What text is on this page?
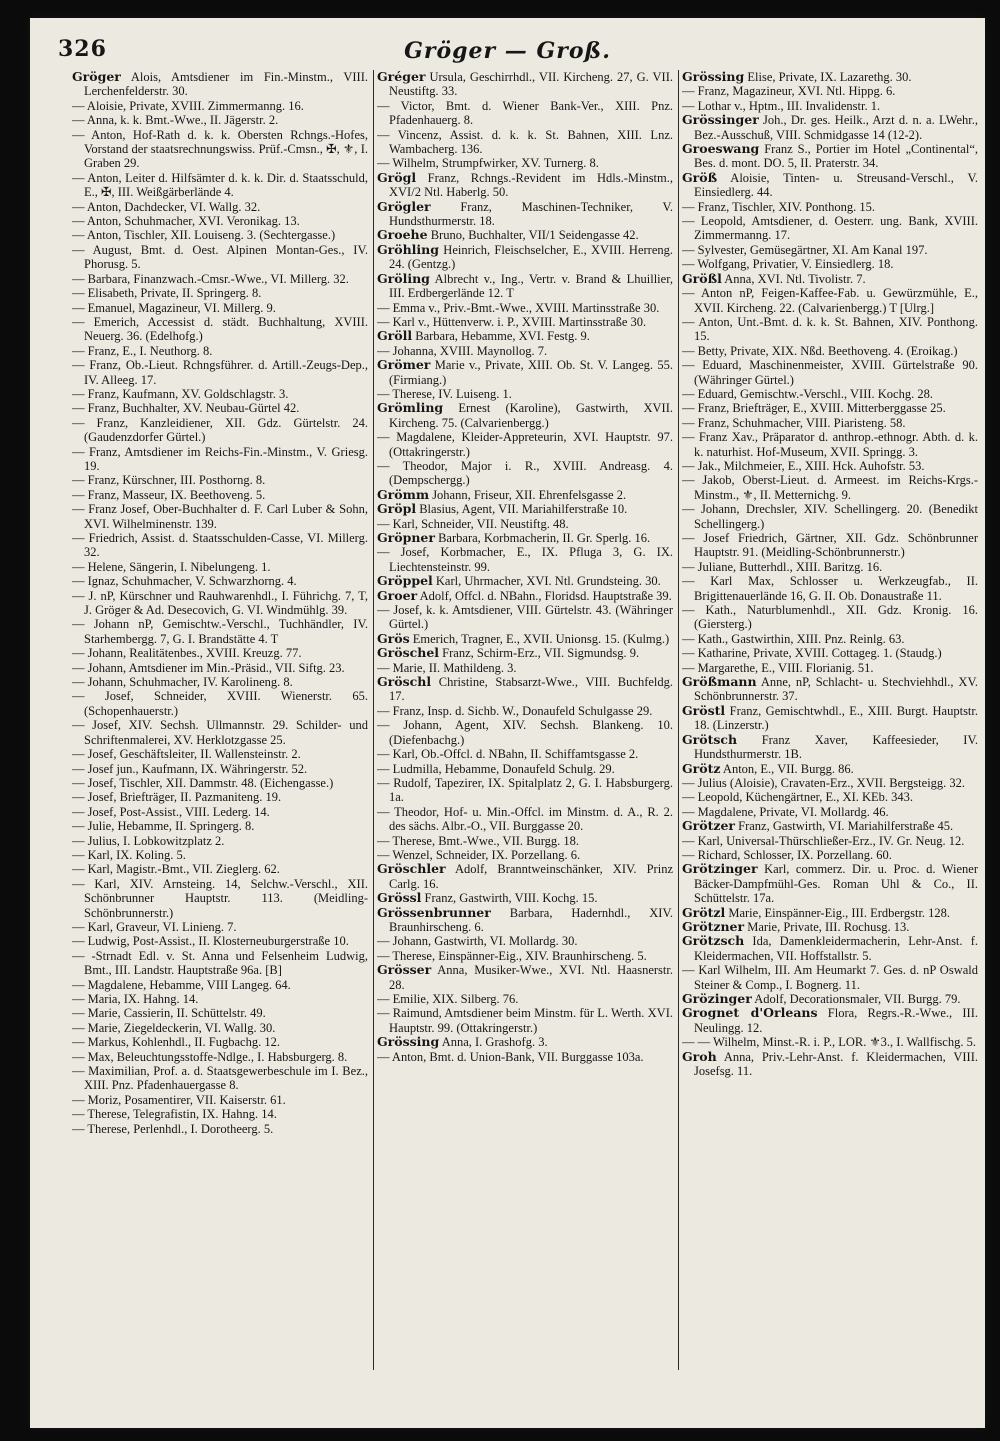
326	Gröger — Groß.

Gröger Alois, Amtsdiener im Fin.-Minstm., VIII. Lerchenfelderstr. 30.

— Aloisie, Private, XVIII. Zimmermanng. 16.

— Anna, k. k. Bmt.-Wwe., II. Jägerstr. 2.

— Anton, Hof-Rath d. k. k. Obersten Rchngs.-Hofes, Vorstand der staatsrechnungswiss. Prüf.-Cmsn., ✠, ⚜, I. Graben 29.

— Anton, Leiter d. Hilfsämter d. k. k. Dir. d. Staatsschuld, E., ✠, III. Weißgärberlände 4.

— Anton, Dachdecker, VI. Wallg. 32.

— Anton, Schuhmacher, XVI. Veronikag. 13.

— Anton, Tischler, XII. Louiseng. 3. (Sechtergasse.)

— August, Bmt. d. Oest. Alpinen Montan-Ges., IV. Phorusg. 5.

— Barbara, Finanzwach.-Cmsr.-Wwe., VI. Millerg. 32.

— Elisabeth, Private, II. Springerg. 8.

— Emanuel, Magazineur, VI. Millerg. 9.

— Emerich, Accessist d. städt. Buchhaltung, XVIII. Neuerg. 36. (Edelhofg.)

— Franz, E., I. Neuthorg. 8.

— Franz, Ob.-Lieut. Rchngsführer. d. Artill.-Zeugs-Dep., IV. Alleeg. 17.

— Franz, Kaufmann, XV. Goldschlagstr. 3.

— Franz, Buchhalter, XV. Neubau-Gürtel 42.

— Franz, Kanzleidiener, XII. Gdz. Gürtelstr. 24. (Gaudenzdorfer Gürtel.)

— Franz, Amtsdiener im Reichs-Fin.-Minstm., V. Griesg. 19.

— Franz, Kürschner, III. Posthorng. 8.

— Franz, Masseur, IX. Beethoveng. 5.

— Franz Josef, Ober-Buchhalter d. F. Carl Luber & Sohn, XVI. Wilhelminenstr. 139.

— Friedrich, Assist. d. Staatsschulden-Casse, VI. Millerg. 32.

— Helene, Sängerin, I. Nibelungeng. 1.

— Ignaz, Schuhmacher, V. Schwarzhorng. 4.

— J. nP, Kürschner und Rauhwarenhdl., I. Führichg. 7, T, J. Gröger & Ad. Desecovich, G. VI. Windmühlg. 39.

— Johann nP, Gemischtw.-Verschl., Tuchhändler, IV. Starhembergg. 7, G. I. Brandstätte 4. T

— Johann, Realitätenbes., XVIII. Kreuzg. 77.

— Johann, Amtsdiener im Min.-Präsid., VII. Siftg. 23.

— Johann, Schuhmacher, IV. Karolineng. 8.

— Josef, Schneider, XVIII. Wienerstr. 65. (Schopenhauerstr.)

— Josef, XIV. Sechsh. Ullmannstr. 29. Schilder- und Schriftenmalerei, XV. Herklotzgasse 25.

— Josef, Geschäftsleiter, II. Wallensteinstr. 2.

— Josef jun., Kaufmann, IX. Währingerstr. 52.

— Josef, Tischler, XII. Dammstr. 48. (Eichengasse.)

— Josef, Briefträger, II. Pazmaniteng. 19.

— Josef, Post-Assist., VIII. Lederg. 14.

— Julie, Hebamme, II. Springerg. 8.

— Julius, I. Lobkowitzplatz 2.

— Karl, IX. Koling. 5.

— Karl, Magistr.-Bmt., VII. Zieglerg. 62.

— Karl, XIV. Arnsteing. 14, Selchw.-Verschl., XII. Schönbrunner Hauptstr. 113. (Meidling-Schönbrunnerstr.)

— Karl, Graveur, VI. Linieng. 7.

— Ludwig, Post-Assist., II. Klosterneuburgerstraße 10.

— -Strnadt Edl. v. St. Anna und Felsenheim Ludwig, Bmt., III. Landstr. Hauptstraße 96a. [B]

— Magdalene, Hebamme, VIII Langeg. 64.

— Maria, IX. Hahng. 14.

— Marie, Cassierin, II. Schüttelstr. 49.

— Marie, Ziegeldeckerin, VI. Wallg. 30.

— Markus, Kohlenhdl., II. Fugbachg. 12.

— Max, Beleuchtungsstoffe-Ndlge., I. Habsburgerg. 8.

— Maximilian, Prof. a. d. Staatsgewerbeschule im I. Bez., XIII. Pnz. Pfadenhauergasse 8.

— Moriz, Posamentirer, VII. Kaiserstr. 61.

— Therese, Telegrafistin, IX. Hahng. 14.

— Therese, Perlenhdl., I. Dorotheerg. 5.

Gréger Ursula, Geschirrhdl., VII. Kircheng. 27, G. VII. Neustiftg. 33.

— Victor, Bmt. d. Wiener Bank-Ver., XIII. Pnz. Pfadenhauerg. 8.

— Vincenz, Assist. d. k. k. St. Bahnen, XIII. Lnz. Wambacherg. 136.

— Wilhelm, Strumpfwirker, XV. Turnerg. 8.

Grögl Franz, Rchngs.-Revident im Hdls.-Minstm., XVI/2 Ntl. Haberlg. 50.

Grögler Franz, Maschinen-Techniker, V. Hundsthurmerstr. 18.

Groehe Bruno, Buchhalter, VII/1 Seidengasse 42.

Gröhling Heinrich, Fleischselcher, E., XVIII. Herreng. 24. (Gentzg.)

Gröling Albrecht v., Ing., Vertr. v. Brand & Lhuillier, III. Erdbergerlände 12. T

— Emma v., Priv.-Bmt.-Wwe., XVIII. Martinsstraße 30.

— Karl v., Hüttenverw. i. P., XVIII. Martinsstraße 30.

Gröll Barbara, Hebamme, XVI. Festg. 9.

— Johanna, XVIII. Maynollog. 7.

Grömer Marie v., Private, XIII. Ob. St. V. Langeg. 55. (Firmiang.)

— Therese, IV. Luiseng. 1.

Grömling Ernest (Karoline), Gastwirth, XVII. Kircheng. 75. (Calvarienbergg.)

— Magdalene, Kleider-Appreteurin, XVI. Hauptstr. 97. (Ottakringerstr.)

— Theodor, Major i. R., XVIII. Andreasg. 4. (Dempschergg.)

Grömm Johann, Friseur, XII. Ehrenfelsgasse 2.

Gröpl Blasius, Agent, VII. Mariahilferstraße 10.

— Karl, Schneider, VII. Neustiftg. 48.

Gröpner Barbara, Korbmacherin, II. Gr. Sperlg. 16.

— Josef, Korbmacher, E., IX. Pfluga 3, G. IX. Liechtensteinstr. 99.

Gröppel Karl, Uhrmacher, XVI. Ntl. Grundsteing. 30.

Groer Adolf, Offcl. d. NBahn., Floridsd. Hauptstraße 39.

— Josef, k. k. Amtsdiener, VIII. Gürtelstr. 43. (Währinger Gürtel.)

Grös Emerich, Tragner, E., XVII. Unionsg. 15. (Kulmg.)

Gröschel Franz, Schirm-Erz., VII. Sigmundsg. 9.

— Marie, II. Mathildeng. 3.

Gröschl Christine, Stabsarzt-Wwe., VIII. Buchfeldg. 17.

— Franz, Insp. d. Sichb. W., Donaufeld Schulgasse 29.

— Johann, Agent, XIV. Sechsh. Blankeng. 10. (Diefenbachg.)

— Karl, Ob.-Offcl. d. NBahn, II. Schiffamtsgasse 2.

— Ludmilla, Hebamme, Donaufeld Schulg. 29.

— Rudolf, Tapezirer, IX. Spitalplatz 2, G. I. Habsburgerg. 1a.

— Theodor, Hof- u. Min.-Offcl. im Minstm. d. A., R. 2. des sächs. Albr.-O., VII. Burggasse 20.

— Therese, Bmt.-Wwe., VII. Burgg. 18.

— Wenzel, Schneider, IX. Porzellang. 6.

Gröschler Adolf, Branntweinschänker, XIV. Prinz Carlg. 16.

Grössl Franz, Gastwirth, VIII. Kochg. 15.

Grössenbrunner Barbara, Hadernhdl., XIV. Braunhirscheng. 6.

— Johann, Gastwirth, VI. Mollardg. 30.

— Therese, Einspänner-Eig., XIV. Braunhirscheng. 5.

Grösser Anna, Musiker-Wwe., XVI. Ntl. Haasnerstr. 28.

— Emilie, XIX. Silberg. 76.

— Raimund, Amtsdiener beim Minstm. für L. Werth. XVI. Hauptstr. 99. (Ottakringerstr.)

Grössing Anna, I. Grashofg. 3.

— Anton, Bmt. d. Union-Bank, VII. Burggasse 103a.

Grössing Elise, Private, IX. Lazarethg. 30.

— Franz, Magazineur, XVI. Ntl. Hippg. 6.

— Lothar v., Hptm., III. Invalidenstr. 1.

Grössinger Joh., Dr. ges. Heilk., Arzt d. n. a. LWehr., Bez.-Ausschuß, VIII. Schmidgasse 14 (12-2).

Groeswang Franz S., Portier im Hotel „Continental“, Bes. d. mont. DO. 5, II. Praterstr. 34.

Größ Aloisie, Tinten- u. Streusand-Verschl., V. Einsiedlerg. 44.

— Franz, Tischler, XIV. Ponthong. 15.

— Leopold, Amtsdiener, d. Oesterr. ung. Bank, XVIII. Zimmermanng. 17.

— Sylvester, Gemüsegärtner, XI. Am Kanal 197.

— Wolfgang, Privatier, V. Einsiedlerg. 18.

Größl Anna, XVI. Ntl. Tivolistr. 7.

— Anton nP, Feigen-Kaffee-Fab. u. Gewürzmühle, E., XVII. Kircheng. 22. (Calvarienbergg.) T [Ulrg.]

— Anton, Unt.-Bmt. d. k. k. St. Bahnen, XIV. Ponthong. 15.

— Betty, Private, XIX. Nßd. Beethoveng. 4. (Eroikag.)

— Eduard, Maschinenmeister, XVIII. Gürtelstraße 90. (Währinger Gürtel.)

— Eduard, Gemischtw.-Verschl., VIII. Kochg. 28.

— Franz, Briefträger, E., XVIII. Mitterberggasse 25.

— Franz, Schuhmacher, VIII. Piaristeng. 58.

— Franz Xav., Präparator d. anthrop.-ethnogr. Abth. d. k. k. naturhist. Hof-Museum, XVII. Springg. 3.

— Jak., Milchmeier, E., XIII. Hck. Auhofstr. 53.

— Jakob, Oberst-Lieut. d. Armeest. im Reichs-Krgs.-Minstm., ⚜, II. Metternichg. 9.

— Johann, Drechsler, XIV. Schellingerg. 20. (Benedikt Schellingerg.)

— Josef Friedrich, Gärtner, XII. Gdz. Schönbrunner Hauptstr. 91. (Meidling-Schönbrunnerstr.)

— Juliane, Butterhdl., XIII. Baritzg. 16.

— Karl Max, Schlosser u. Werkzeugfab., II. Brigittenauerlände 16, G. II. Ob. Donaustraße 11.

— Kath., Naturblumenhdl., XII. Gdz. Kronig. 16. (Giersterg.)

— Kath., Gastwirthin, XIII. Pnz. Reinlg. 63.

— Katharine, Private, XVIII. Cottageg. 1. (Staudg.)

— Margarethe, E., VIII. Florianig. 51.

Größmann Anne, nP, Schlacht- u. Stechviehhdl., XV. Schönbrunnerstr. 37.

Gröstl Franz, Gemischtwhdl., E., XIII. Burgt. Hauptstr. 18. (Linzerstr.)

Grötsch Franz Xaver, Kaffeesieder, IV. Hundsthurmerstr. 1B.

Grötz Anton, E., VII. Burgg. 86.

— Julius (Aloisie), Cravaten-Erz., XVII. Bergsteigg. 32.

— Leopold, Küchengärtner, E., XI. KEb. 343.

— Magdalene, Private, VI. Mollardg. 46.

Grötzer Franz, Gastwirth, VI. Mariahilferstraße 45.

— Karl, Universal-Thürschließer-Erz., IV. Gr. Neug. 12.

— Richard, Schlosser, IX. Porzellang. 60.

Grötzinger Karl, commerz. Dir. u. Proc. d. Wiener Bäcker-Dampfmühl-Ges. Roman Uhl & Co., II. Schüttelstr. 17a.

Grötzl Marie, Einspänner-Eig., III. Erdbergstr. 128.

Grötzner Marie, Private, III. Rochusg. 13.

Grötzsch Ida, Damenkleidermacherin, Lehr-Anst. f. Kleidermachen, VII. Hoffstallstr. 5.

— Karl Wilhelm, III. Am Heumarkt 7. Ges. d. nP Oswald Steiner & Comp., I. Bognerg. 11.

Grözinger Adolf, Decorationsmaler, VII. Burgg. 79.

Grognet d'Orleans Flora, Regrs.-R.-Wwe., III. Neulingg. 12.

— — Wilhelm, Minst.-R. i. P., LOR. ⚜3., I. Wallfischg. 5.

Groh Anna, Priv.-Lehr-Anst. f. Kleidermachen, VIII. Josefsg. 11.
